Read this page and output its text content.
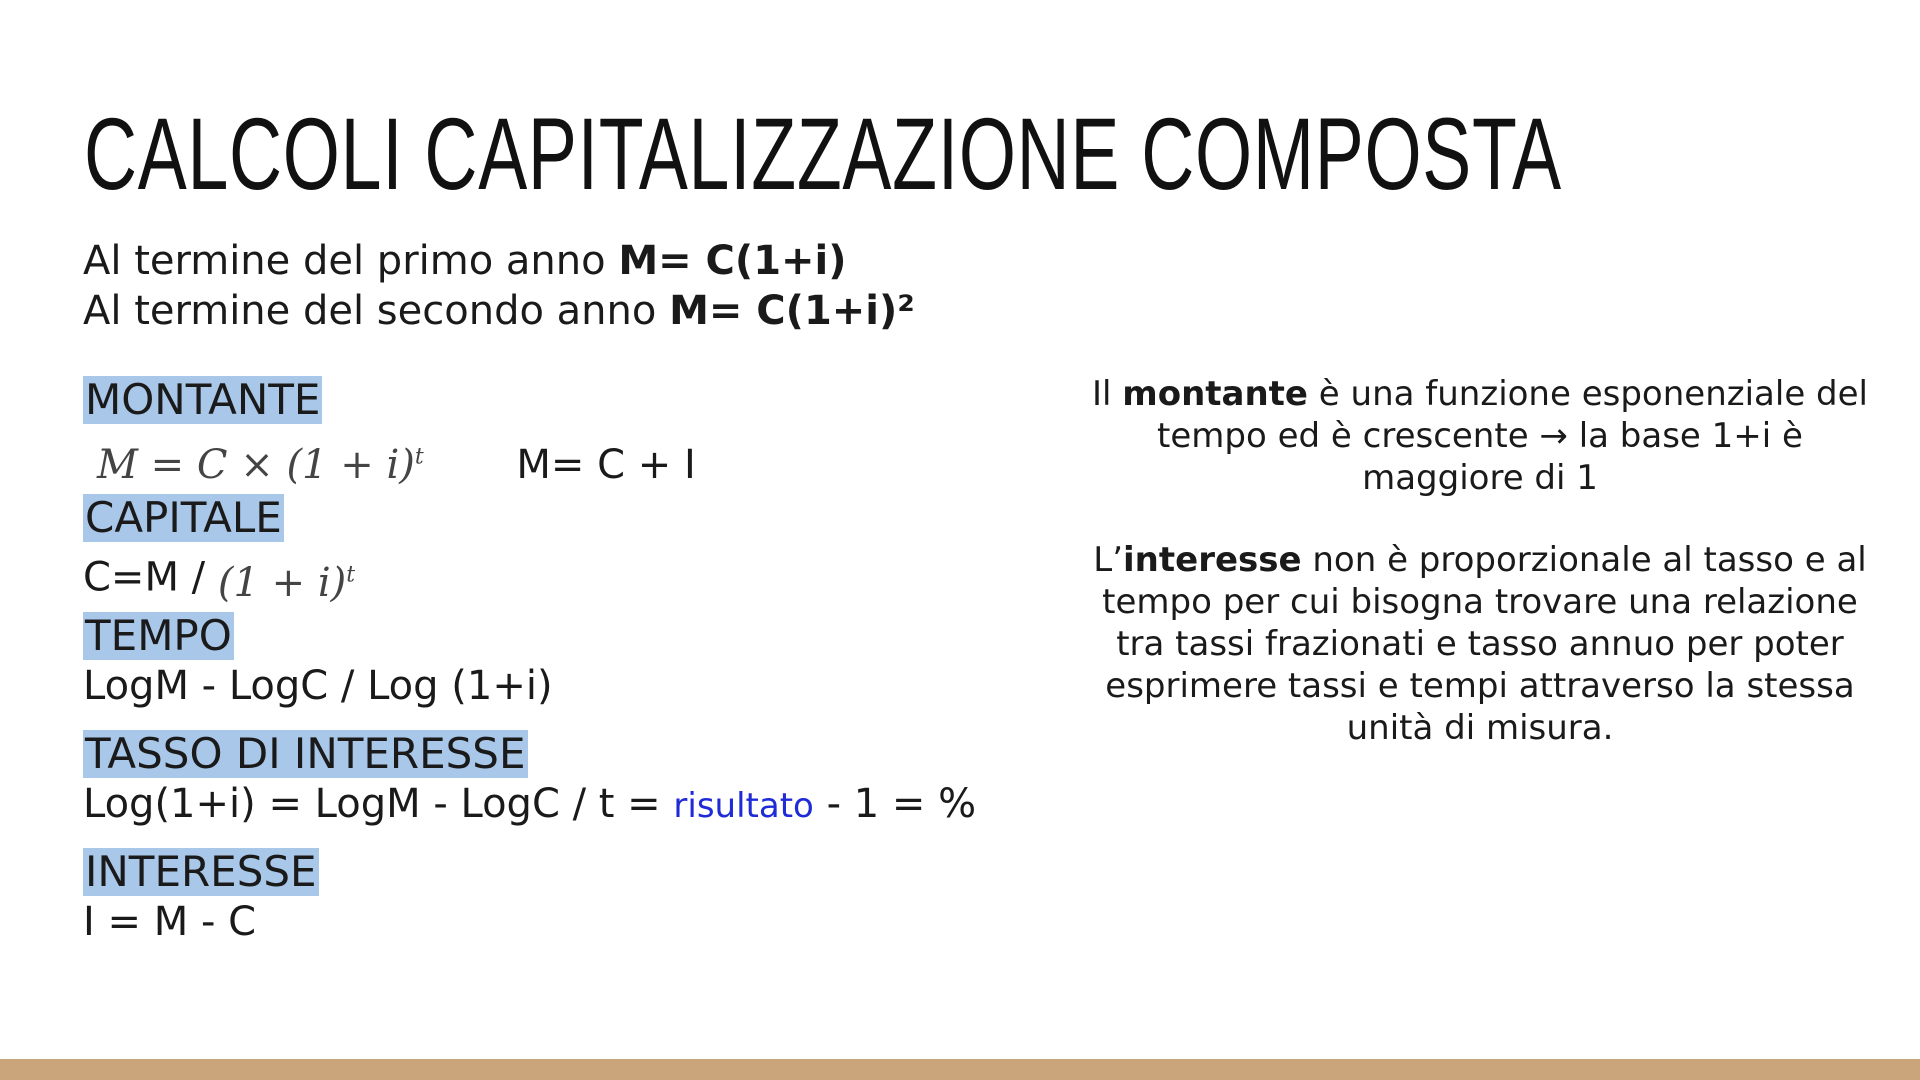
CALCOLI CAPITALIZZAZIONE COMPOSTA
Al termine del primo anno M= C(1+i)
Al termine del secondo anno M= C(1+i)²
MONTANTE
$M = C \times (1 + i)^t$ M= C + I
CAPITALE
$C=M / (1 + i)^t$
TEMPO
LogM - LogC / Log (1+i)
TASSO DI INTERESSE
Log(1+i) = LogM - LogC / t = risultato - 1 = %
INTERESSE
I = M - C

Il montante è una funzione esponenziale del tempo ed è crescente → la base 1+i è maggiore di 1

L’interesse non è proporzionale al tasso e al tempo per cui bisogna trovare una relazione tra tassi frazionati e tasso annuo per poter esprimere tassi e tempi attraverso la stessa unità di misura.
